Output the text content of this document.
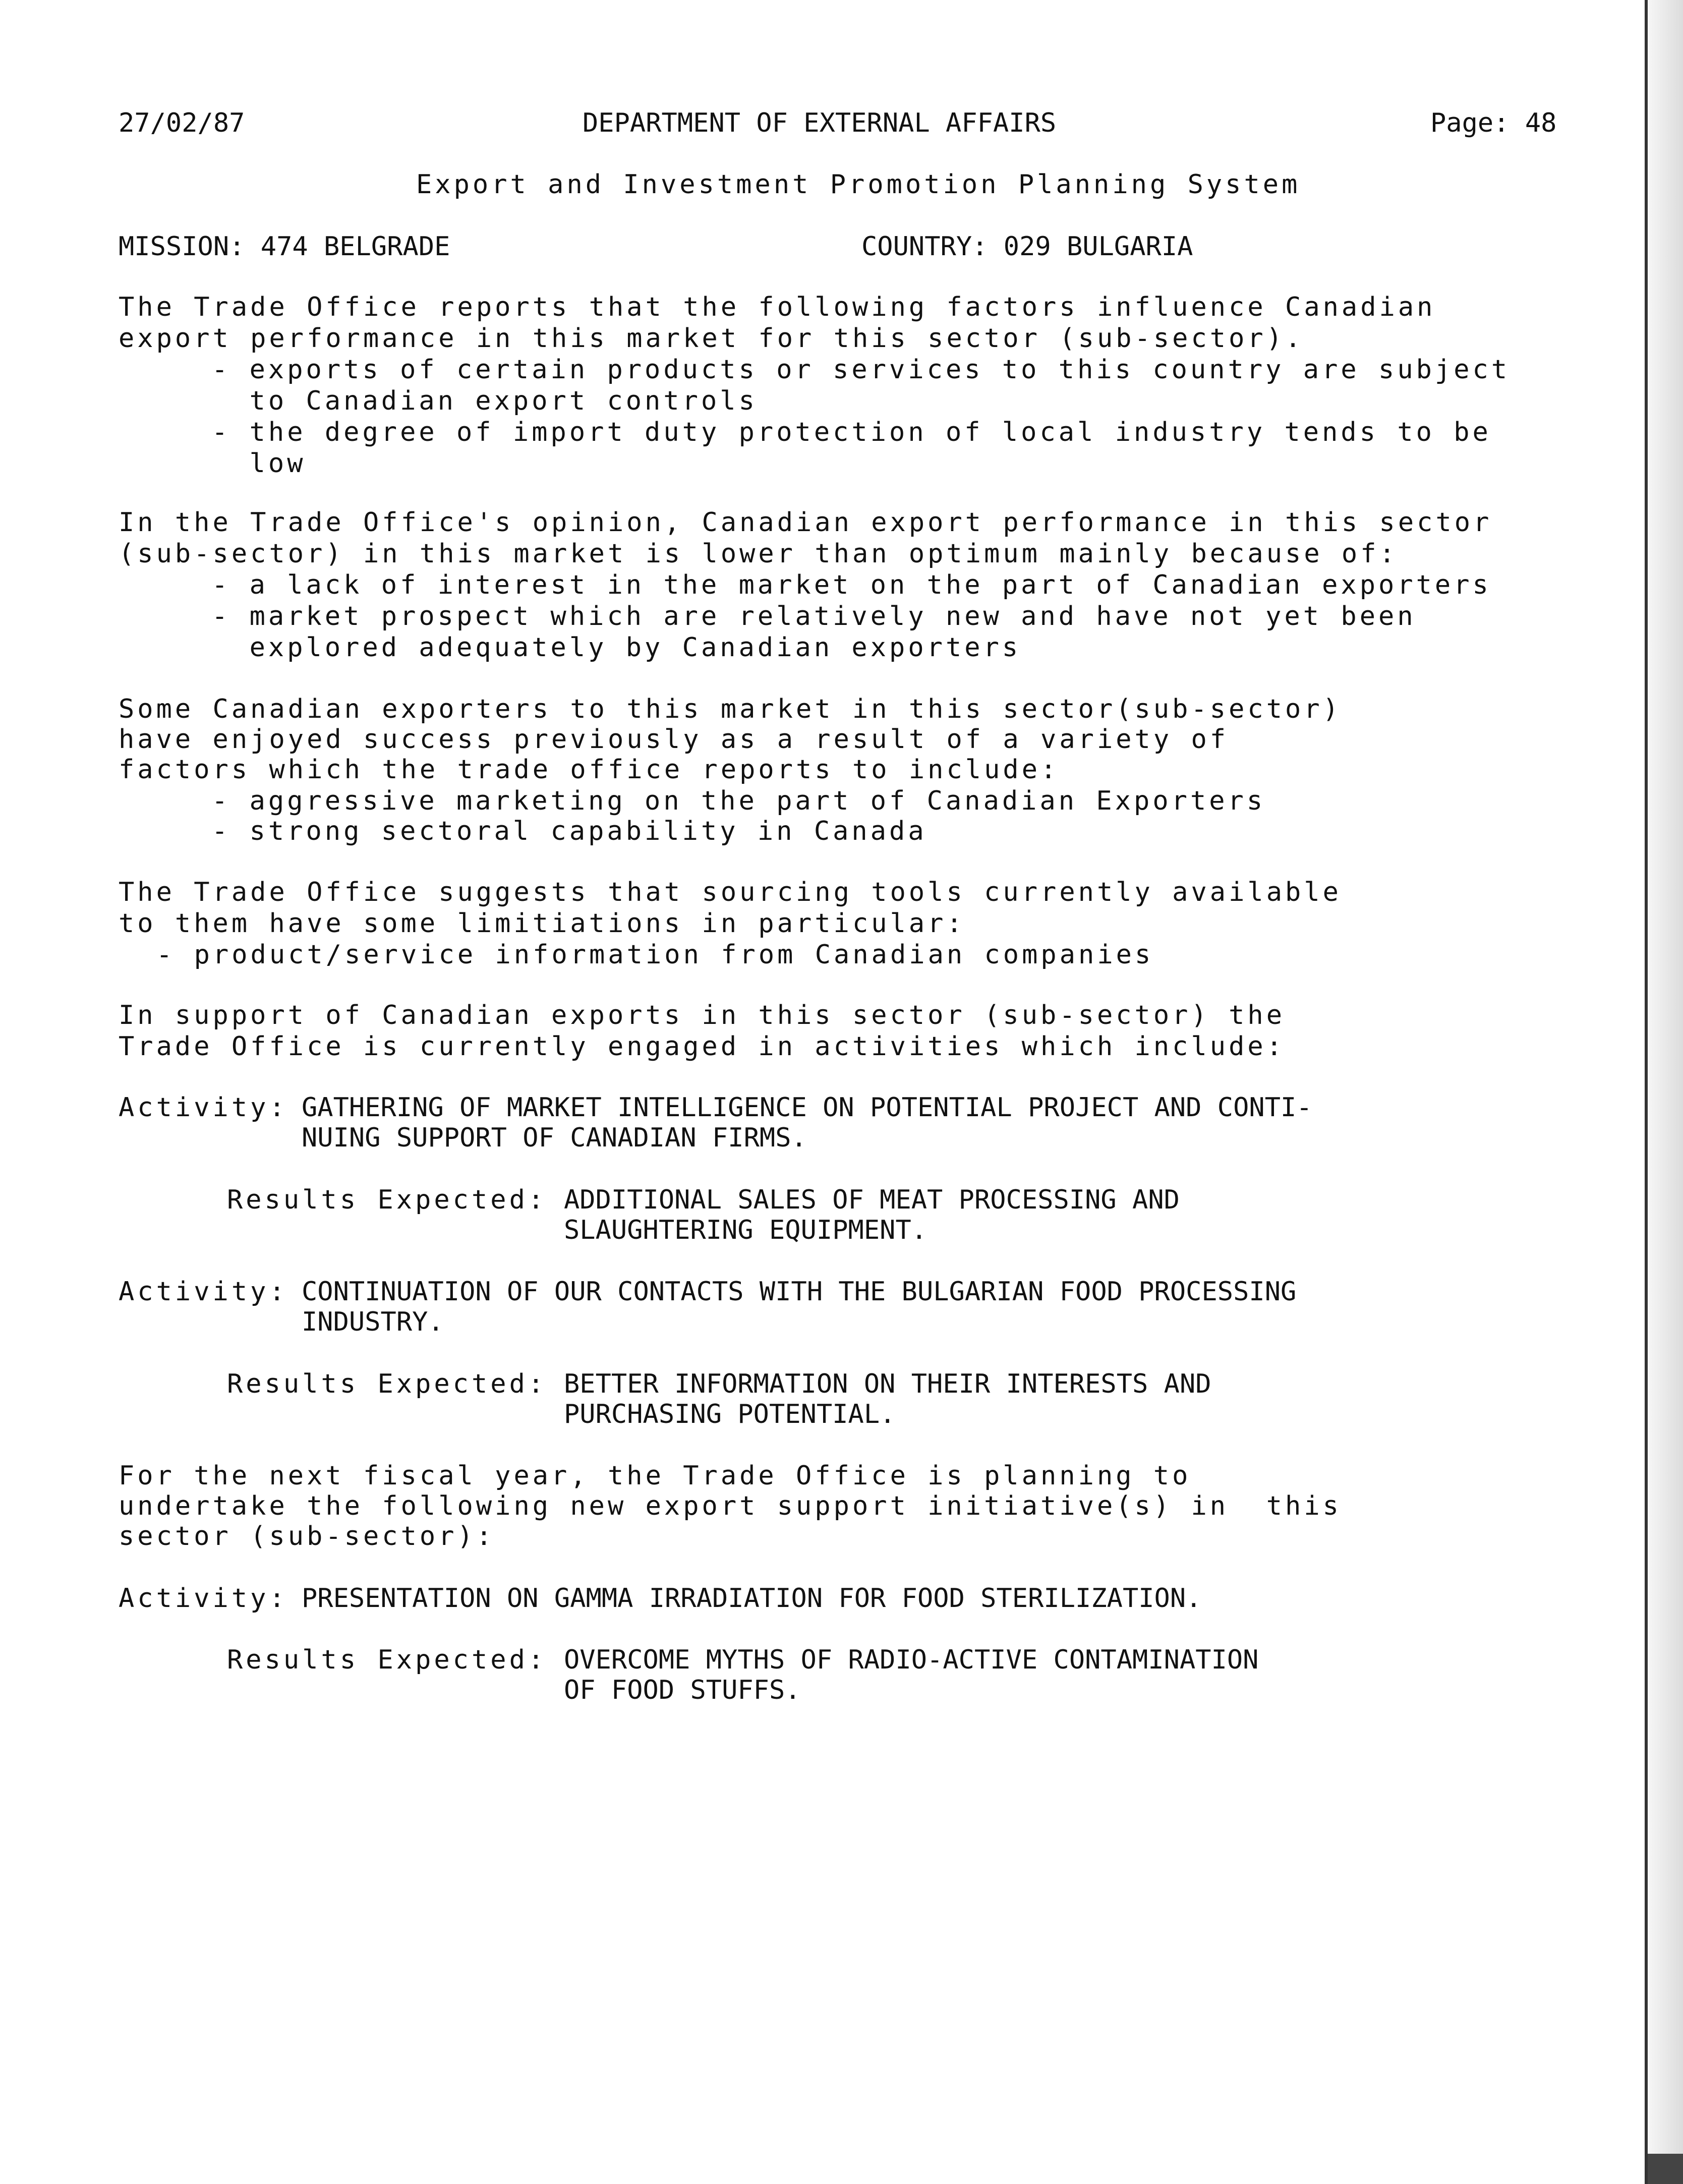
27/02/87	DEPARTMENT OF EXTERNAL AFFAIRS	Page: 48

Export and Investment Promotion Planning System

MISSION: 474 BELGRADE	COUNTRY: 029 BULGARIA

The Trade Office reports that the following factors influence Canadian

export performance in this market for this sector (sub-sector).

- exports of certain products or services to this country are subject

to Canadian export controls

- the degree of import duty protection of local industry tends to be

low

In the Trade Office's opinion, Canadian export performance in this sector

(sub-sector) in this market is lower than optimum mainly because of:

- a lack of interest in the market on the part of Canadian exporters

- market prospect which are relatively new and have not yet been

explored adequately by Canadian exporters

Some Canadian exporters to this market in this sector(sub-sector)

have enjoyed success previously as a result of a variety of

factors which the trade office reports to include:

- aggressive marketing on the part of Canadian Exporters

- strong sectoral capability in Canada

The Trade Office suggests that sourcing tools currently available

to them have some limitiations in particular:

- product/service information from Canadian companies

In support of Canadian exports in this sector (sub-sector) the

Trade Office is currently engaged in activities which include:

Activity: GATHERING OF MARKET INTELLIGENCE ON POTENTIAL PROJECT AND CONTI-

NUING SUPPORT OF CANADIAN FIRMS.

Results Expected: ADDITIONAL SALES OF MEAT PROCESSING AND

SLAUGHTERING EQUIPMENT.

Activity: CONTINUATION OF OUR CONTACTS WITH THE BULGARIAN FOOD PROCESSING

INDUSTRY.

Results Expected: BETTER INFORMATION ON THEIR INTERESTS AND

PURCHASING POTENTIAL.

For the next fiscal year, the Trade Office is planning to

undertake the following new export support initiative(s) in  this

sector (sub-sector):

Activity: PRESENTATION ON GAMMA IRRADIATION FOR FOOD STERILIZATION.

Results Expected: OVERCOME MYTHS OF RADIO-ACTIVE CONTAMINATION

OF FOOD STUFFS.
